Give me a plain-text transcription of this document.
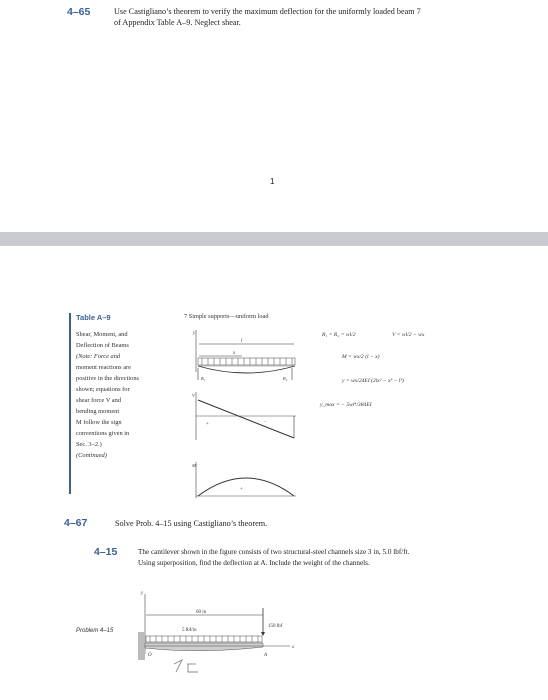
4–65	Use Castigliano’s theorem to verify the maximum deflection for the uniformly loaded beam 7
of Appendix Table A–9. Neglect shear.
1
Table A–9
Shear, Moment, and
Deflection of Beams
(Note: Force and
moment reactions are
positive in the directions
shown; equations for
shear force V and
bending moment
M follow the sign
conventions given in
Sec. 3–2.)
(Continued)
7 Simple supports—uniform load
y
l
x
R₁	R₂
V
+	−
M
+
R₁ = R₂ = wl/2	V = wl/2 − wx
M = wx/2 (l − x)
y = wx/24EI (2lx² − x³ − l³)
y_max = − 5wl⁴/384EI
4–67	Solve Prob. 4–15 using Castigliano’s theorem.
4–15	The cantilever shown in the figure consists of two structural-steel channels size 3 in, 5.0 lbf/ft.
Using superposition, find the deflection at A. Include the weight of the channels.
Problem 4–15
y
60 in
150 lbf
5 lbf/in
x
O	A
